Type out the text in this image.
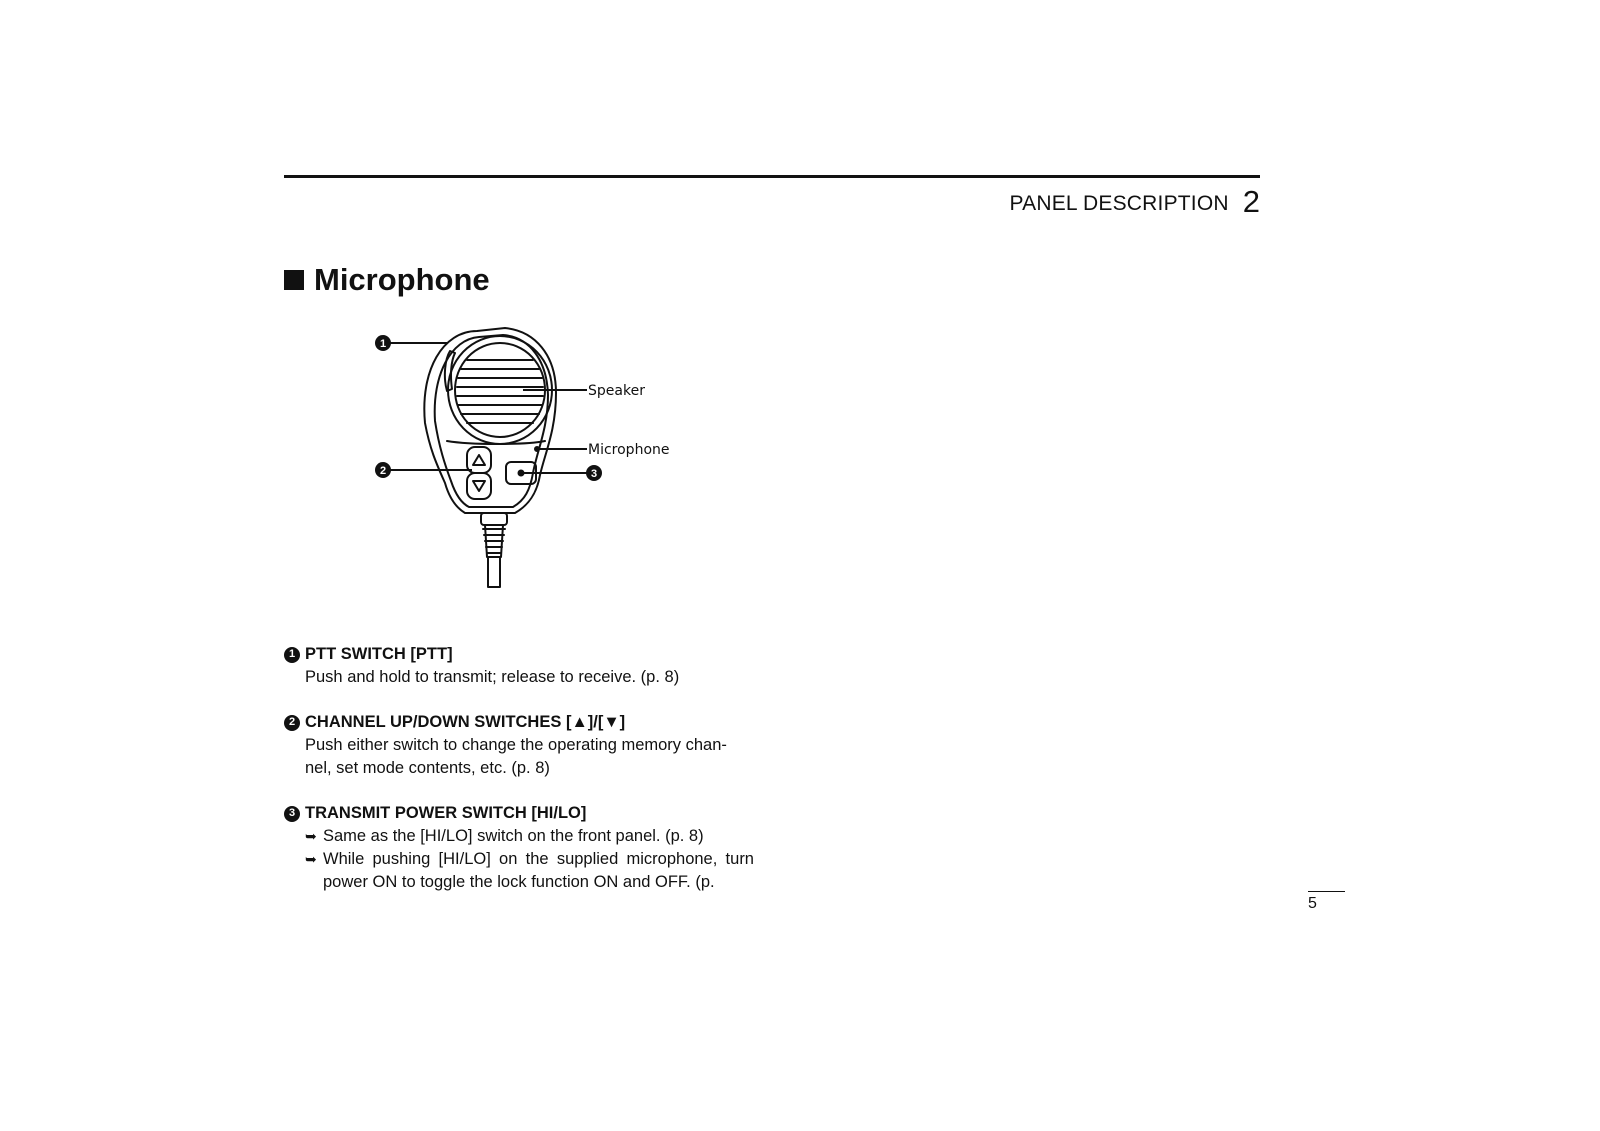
PANEL DESCRIPTION 2
Microphone
1
2	3
Speaker
Microphone
1 PTT SWITCH [PTT]
Push and hold to transmit; release to receive. (p. 8)
2 CHANNEL UP/DOWN SWITCHES [▲]/[▼]
Push either switch to change the operating memory chan-
nel, set mode contents, etc. (p. 8)
3 TRANSMIT POWER SWITCH [HI/LO]
➥ Same as the [HI/LO] switch on the front panel. (p. 8)
➥ While pushing [HI/LO] on the supplied microphone, turn power ON to toggle the lock function ON and OFF. (p.
5
